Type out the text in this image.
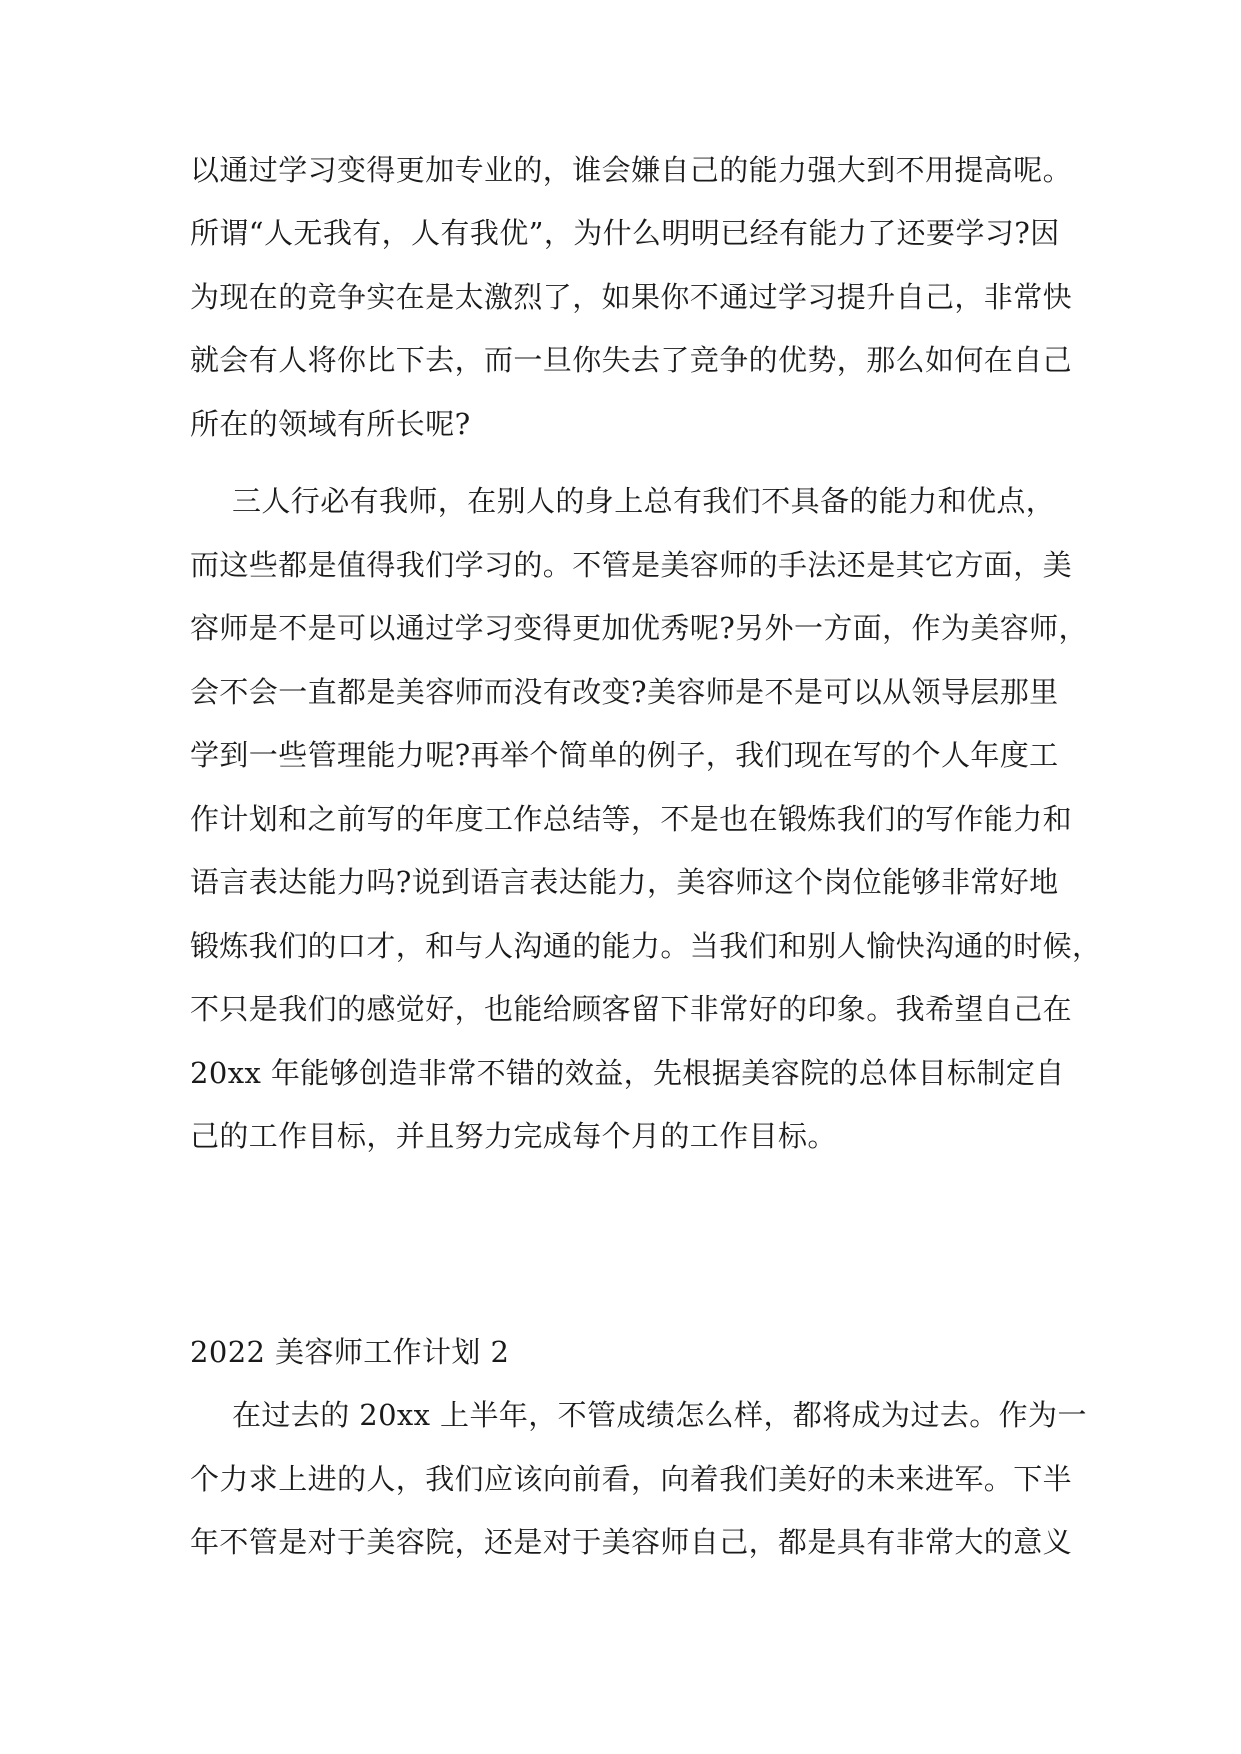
以通过学习变得更加专业的，谁会嫌自己的能力强大到不用提高呢。
所谓“人无我有，人有我优”，为什么明明已经有能力了还要学习?因
为现在的竞争实在是太激烈了，如果你不通过学习提升自己，非常快
就会有人将你比下去，而一旦你失去了竞争的优势，那么如何在自己
所在的领域有所长呢?
三人行必有我师，在别人的身上总有我们不具备的能力和优点，
而这些都是值得我们学习的。不管是美容师的手法还是其它方面，美
容师是不是可以通过学习变得更加优秀呢?另外一方面，作为美容师，
会不会一直都是美容师而没有改变?美容师是不是可以从领导层那里
学到一些管理能力呢?再举个简单的例子，我们现在写的个人年度工
作计划和之前写的年度工作总结等，不是也在锻炼我们的写作能力和
语言表达能力吗?说到语言表达能力，美容师这个岗位能够非常好地
锻炼我们的口才，和与人沟通的能力。当我们和别人愉快沟通的时候，
不只是我们的感觉好，也能给顾客留下非常好的印象。我希望自己在
20xx 年能够创造非常不错的效益，先根据美容院的总体目标制定自
己的工作目标，并且努力完成每个月的工作目标。
2022 美容师工作计划 2
在过去的 20xx 上半年，不管成绩怎么样，都将成为过去。作为一
个力求上进的人，我们应该向前看，向着我们美好的未来进军。下半
年不管是对于美容院，还是对于美容师自己，都是具有非常大的意义
